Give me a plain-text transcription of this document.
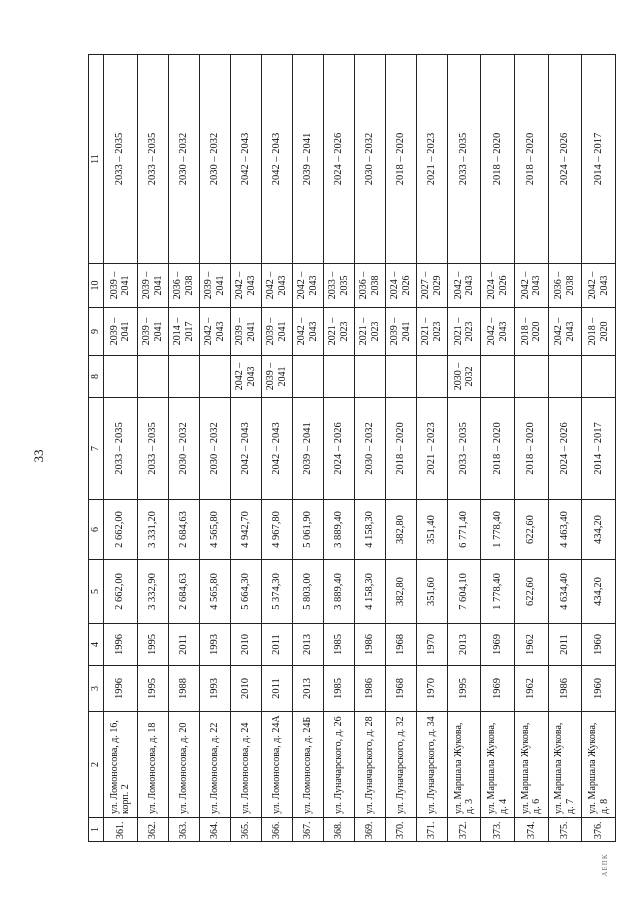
33
1	2	3	4	5	6	7	8	9	10	11
361.	ул. Ломоносова, д. 16, корп. 2	1996	1996	2 662,00	2 662,00	2033 – 2035		2039 – 2041	2039 – 2041	2033 – 2035
362.	ул. Ломоносова, д. 18	1995	1995	3 332,90	3 331,20	2033 – 2035		2039 – 2041	2039 – 2041	2033 – 2035
363.	ул. Ломоносова, д. 20	1988	2011	2 684,63	2 684,63	2030 – 2032		2014 – 2017	2036 – 2038	2030 – 2032
364.	ул. Ломоносова, д. 22	1993	1993	4 565,80	4 565,80	2030 – 2032		2042 – 2043	2039 – 2041	2030 – 2032
365.	ул. Ломоносова, д. 24	2010	2010	5 664,30	4 942,70	2042 – 2043	2042 – 2043	2039 – 2041	2042 – 2043	2042 – 2043
366.	ул. Ломоносова, д. 24А	2011	2011	5 374,30	4 967,80	2042 – 2043	2039 – 2041	2039 – 2041	2042 – 2043	2042 – 2043
367.	ул. Ломоносова, д. 24Б	2013	2013	5 803,00	5 061,90	2039 – 2041		2042 – 2043	2042 – 2043	2039 – 2041
368.	ул. Луначарского, д. 26	1985	1985	3 889,40	3 889,40	2024 – 2026		2021 – 2023	2033 – 2035	2024 – 2026
369.	ул. Луначарского, д. 28	1986	1986	4 158,30	4 158,30	2030 – 2032		2021 – 2023	2036 – 2038	2030 – 2032
370.	ул. Луначарского, д. 32	1968	1968	382,80	382,80	2018 – 2020		2039 – 2041	2024 – 2026	2018 – 2020
371.	ул. Луначарского, д. 34	1970	1970	351,60	351,40	2021 – 2023		2021 – 2023	2027 – 2029	2021 – 2023
372.	ул. Маршала Жукова, д. 3	1995	2013	7 604,10	6 771,40	2033 – 2035	2030 – 2032	2021 – 2023	2042 – 2043	2033 – 2035
373.	ул. Маршала Жукова, д. 4	1969	1969	1 778,40	1 778,40	2018 – 2020		2042 – 2043	2024 – 2026	2018 – 2020
374.	ул. Маршала Жукова, д. 6	1962	1962	622,60	622,60	2018 – 2020		2018 – 2020	2042 – 2043	2018 – 2020
375.	ул. Маршала Жукова, д. 7	1986	2011	4 634,40	4 463,40	2024 – 2026		2042 – 2043	2036 – 2038	2024 – 2026
376.	ул. Маршала Жукова, д. 8	1960	1960	434,20	434,20	2014 – 2017		2018 – 2020	2042 – 2043	2014 – 2017
АЕПК
